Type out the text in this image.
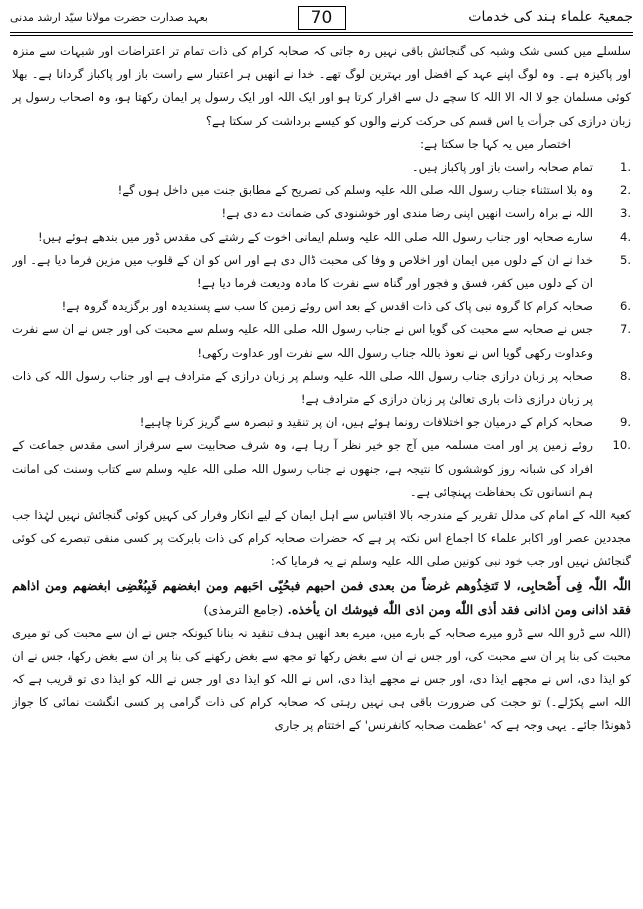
جمعیۃ علماء ہند کی خدمات
70
بعہد صدارت حضرت مولانا سیّد ارشد مدنی

سلسلے میں کسی شک وشبہ کی گنجائش باقی نہیں رہ جاتی کہ صحابہ کرام کی ذات تمام تر اعتراضات اور شبہات سے منزہ اور پاکیزہ ہے۔ وہ لوگ اپنے عہد کے افضل اور بہترین لوگ تھے۔ خدا نے انھیں ہر اعتبار سے راست باز اور پاکباز گردانا ہے۔ بھلا کوئی مسلمان جو لا الہ الا اللہ کا سچے دل سے اقرار کرتا ہو اور ایک اللہ اور ایک رسول پر ایمان رکھتا ہو، وہ اصحاب رسول پر زبان درازی کی جرأت یا اس قسم کی حرکت کرنے والوں کو کیسے برداشت کر سکتا ہے؟

اختصار میں یہ کہا جا سکتا ہے:

1.
تمام صحابہ راست باز اور پاکباز ہیں۔
2.
وہ بلا استثناء جناب رسول اللہ صلی اللہ علیہ وسلم کی تصریح کے مطابق جنت میں داخل ہوں گے!
3.
اللہ نے براہ راست انھیں اپنی رضا مندی اور خوشنودی کی ضمانت دے دی ہے!
4.
سارے صحابہ اور جناب رسول اللہ صلی اللہ علیہ وسلم ایمانی اخوت کے رشتے کی مقدس ڈور میں بندھے ہوئے ہیں!
5.
خدا نے ان کے دلوں میں ایمان اور اخلاص و وفا کی محبت ڈال دی ہے اور اس کو ان کے قلوب میں مزین فرما دیا ہے۔ اور ان کے دلوں میں کفر، فسق و فجور اور گناہ سے نفرت کا مادہ ودیعت فرما دیا ہے!
6.
صحابہ کرام کا گروہ نبی پاک کی ذات اقدس کے بعد اس روئے زمین کا سب سے پسندیدہ اور برگزیدہ گروہ ہے!
7.
جس نے صحابہ سے محبت کی گویا اس نے جناب رسول اللہ صلی اللہ علیہ وسلم سے محبت کی اور جس نے ان سے نفرت وعداوت رکھی گویا اس نے نعوذ باللہ جناب رسول اللہ سے نفرت اور عداوت رکھی!
8.
صحابہ پر زبان درازی جناب رسول اللہ صلی اللہ علیہ وسلم پر زبان درازی کے مترادف ہے اور جناب رسول اللہ کی ذات پر زبان درازی ذات باری تعالیٰ پر زبان درازی کے مترادف ہے!
9.
صحابہ کرام کے درمیان جو اختلافات رونما ہوئے ہیں، ان پر تنقید و تبصرہ سے گریز کرنا چاہیے!
10.
روئے زمین پر اور امت مسلمہ میں آج جو خیر نظر آ رہا ہے، وہ شرف صحابیت سے سرفراز اسی مقدس جماعت کے افراد کی شبانہ روز کوششوں کا نتیجہ ہے، جنھوں نے جناب رسول اللہ صلی اللہ علیہ وسلم سے کتاب وسنت کی امانت ہم انسانوں تک بحفاظت پہنچائی ہے۔

کعبۃ اللہ کے امام کی مدلل تقریر کے مندرجہ بالا اقتباس سے اہل ایمان کے لیے انکار وفرار کی کہیں کوئی گنجائش نہیں لہٰذا جب مجددین عصر اور اکابر علماء کا اجماع اس نکتہ پر ہے کہ حضرات صحابہ کرام کی ذات بابرکت پر کسی منفی تبصرے کی کوئی گنجائش نہیں اور جب خود نبی کونین صلی اللہ علیہ وسلم نے یہ فرمایا کہ:

اللّٰہ اللّٰہ فِی أَصْحابِی، لا تَتخِذُوهم غرضاً من بعدی فمن احبهم فبحُبِّی احَبهم ومن ابغضهم فَبِبُغْضِی ابغضهم ومن اذاهم فقد اذانی ومن اذانی فقد أذى اللّٰه ومن اذى اللّٰه فيوشك ان يأخذه. (جامع الترمذی)

(اللہ سے ڈرو اللہ سے ڈرو میرے صحابہ کے بارے میں، میرے بعد انھیں ہدف تنقید نہ بنانا کیونکہ جس نے ان سے محبت کی تو میری محبت کی بنا پر ان سے محبت کی، اور جس نے ان سے بغض رکھا تو مجھ سے بغض رکھنے کی بنا پر ان سے بغض رکھا، جس نے ان کو ایذا دی، اس نے مجھے ایذا دی، اور جس نے مجھے ایذا دی، اس نے اللہ کو ایذا دی اور جس نے اللہ کو ایذا دی تو قریب ہے کہ اللہ اسے پکڑلے۔) تو حجت کی ضرورت باقی ہی نہیں رہتی کہ صحابہ کرام کی ذات گرامی پر کسی انگشت نمائی کا جواز ڈھونڈا جائے۔ یہی وجہ ہے کہ 'عظمت صحابہ کانفرنس' کے اختتام پر جاری
